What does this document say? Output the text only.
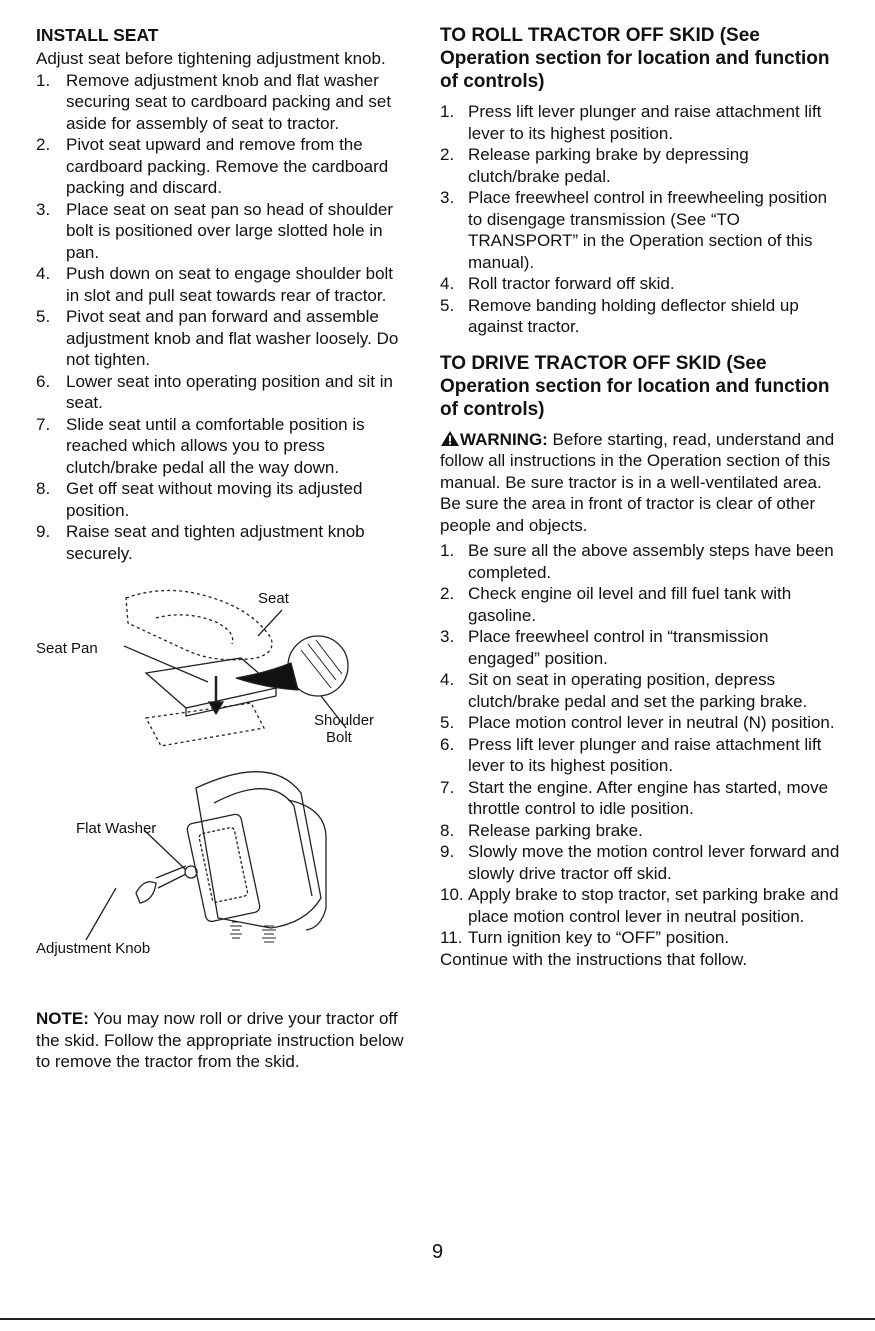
INSTALL SEAT

Adjust seat before tightening adjustment knob.

1. Remove adjustment knob and flat washer securing seat to cardboard packing and set aside for assembly of seat to tractor.
2. Pivot seat upward and remove from the cardboard packing. Remove the cardboard packing and discard.
3. Place seat on seat pan so head of shoulder bolt is positioned over large slotted hole in pan.
4. Push down on seat to engage shoulder bolt in slot and pull seat towards rear of tractor.
5. Pivot seat and pan forward and assemble adjustment knob and flat washer loosely. Do not tighten.
6. Lower seat into operating position and sit in seat.
7. Slide seat until a comfortable position is reached which allows you to press clutch/brake pedal all the way down.
8. Get off seat without moving its adjusted position.
9. Raise seat and tighten adjustment knob securely.
Seat
Seat Pan
Shoulder
Bolt
Flat Washer
Adjustment Knob

NOTE: You may now roll or drive your tractor off the skid. Follow the appropriate instruction below to remove the tractor from the skid.

TO ROLL TRACTOR OFF SKID (See Operation section for location and function of controls)
1. Press lift lever plunger and raise attachment lift lever to its highest position.
2. Release parking brake by depressing clutch/brake pedal.
3. Place freewheel control in freewheeling position to disengage transmission (See “TO TRANSPORT” in the Operation section of this manual).
4. Roll tractor forward off skid.
5. Remove banding holding deflector shield up against tractor.
TO DRIVE TRACTOR OFF SKID (See Operation section for location and function of controls)

WARNING: Before starting, read, understand and follow all instructions in the Operation section of this manual. Be sure tractor is in a well-ventilated area. Be sure the area in front of tractor is clear of other people and objects.

1. Be sure all the above assembly steps have been completed.
2. Check engine oil level and fill fuel tank with gasoline.
3. Place freewheel control in “transmission engaged” position.
4. Sit on seat in operating position, depress clutch/brake pedal and set the parking brake.
5. Place motion control lever in neutral (N) position.
6. Press lift lever plunger and raise attachment lift lever to its highest position.
7. Start the engine. After engine has started, move throttle control to idle position.
8. Release parking brake.
9. Slowly move the motion control lever forward and slowly drive tractor off skid.
10. Apply brake to stop tractor, set parking brake and place motion control lever in neutral position.
11. Turn ignition key to “OFF” position.

Continue with the instructions that follow.

9
